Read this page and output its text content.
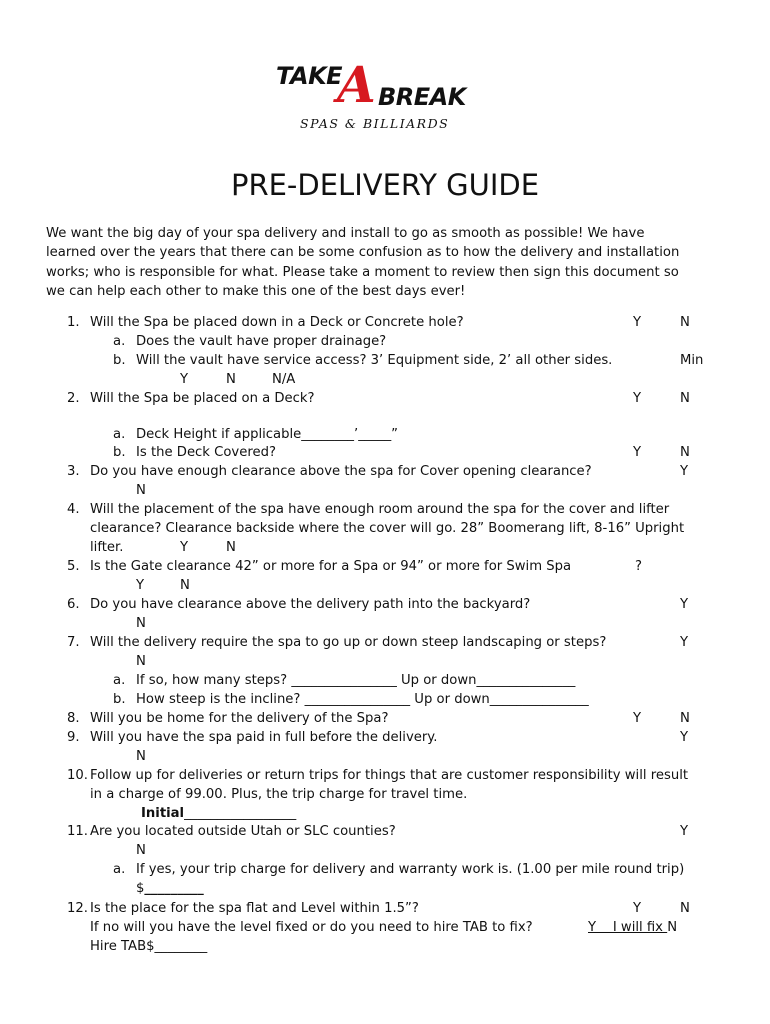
TAKE
A BREAK
SPAS & BILLIARDS
PRE-DELIVERY GUIDE
We want the big day of your spa delivery and install to go as smooth as possible! We have
learned over the years that there can be some confusion as to how the delivery and installation
works; who is responsible for what. Please take a moment to review then sign this document so
we can help each other to make this one of the best days ever!
1. Will the Spa be placed down in a Deck or Concrete hole?	Y	N
a. Does the vault have proper drainage?
b. Will the vault have service access? 3’ Equipment side, 2’ all other sides.	Min
Y	N	N/A
2. Will the Spa be placed on a Deck?	Y	N
a. Deck Height if applicable________’_____”
b. Is the Deck Covered?	Y	N
3. Do you have enough clearance above the spa for Cover opening clearance?	Y
N
4. Will the placement of the spa have enough room around the spa for the cover and lifter
clearance? Clearance backside where the cover will go. 28” Boomerang lift, 8-16” Upright
lifter.	Y	N
5. Is the Gate clearance 42” or more for a Spa or 94” or more for Swim Spa	?
Y	N
6. Do you have clearance above the delivery path into the backyard?	Y
N
7. Will the delivery require the spa to go up or down steep landscaping or steps?	Y
N
a. If so, how many steps? ________________ Up or down_______________
b. How steep is the incline? ________________ Up or down_______________
8. Will you be home for the delivery of the Spa?	Y	N
9. Will you have the spa paid in full before the delivery.	Y
N
10. Follow up for deliveries or return trips for things that are customer responsibility will result
in a charge of 99.00. Plus, the trip charge for travel time.
Initial_________________
11. Are you located outside Utah or SLC counties?	Y
N
a. If yes, your trip charge for delivery and warranty work is. (1.00 per mile round trip)
$_________
12. Is the place for the spa flat and Level within 1.5”?	Y	N
If no will you have the level fixed or do you need to hire TAB to fix?	Y    I will fix N
Hire TAB$________
